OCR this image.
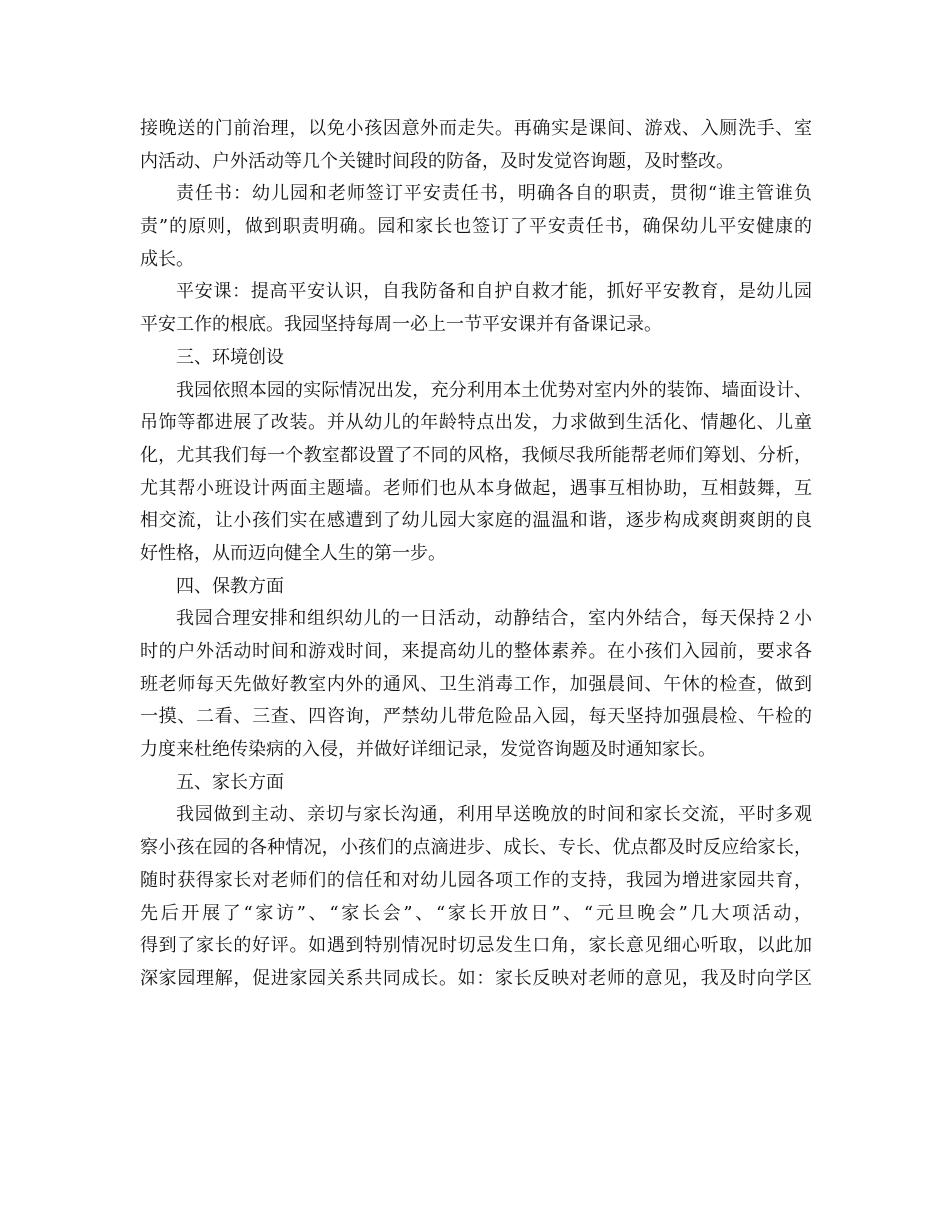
接晚送的门前治理，以免小孩因意外而走失。再确实是课间、游戏、入厕洗手、室
内活动、户外活动等几个关键时间段的防备，及时发觉咨询题，及时整改。
责任书：幼儿园和老师签订平安责任书，明确各自的职责，贯彻“谁主管谁负
责”的原则，做到职责明确。园和家长也签订了平安责任书，确保幼儿平安健康的
成长。
平安课：提高平安认识，自我防备和自护自救才能，抓好平安教育，是幼儿园
平安工作的根底。我园坚持每周一必上一节平安课并有备课记录。
三、环境创设
我园依照本园的实际情况出发，充分利用本土优势对室内外的装饰、墙面设计、
吊饰等都进展了改装。并从幼儿的年龄特点出发，力求做到生活化、情趣化、儿童
化，尤其我们每一个教室都设置了不同的风格，我倾尽我所能帮老师们筹划、分析，
尤其帮小班设计两面主题墙。老师们也从本身做起，遇事互相协助，互相鼓舞，互
相交流，让小孩们实在感遭到了幼儿园大家庭的温温和谐，逐步构成爽朗爽朗的良
好性格，从而迈向健全人生的第一步。
四、保教方面
我园合理安排和组织幼儿的一日活动，动静结合，室内外结合，每天保持２小
时的户外活动时间和游戏时间，来提高幼儿的整体素养。在小孩们入园前，要求各
班老师每天先做好教室内外的通风、卫生消毒工作，加强晨间、午休的检查，做到
一摸、二看、三查、四咨询，严禁幼儿带危险品入园，每天坚持加强晨检、午检的
力度来杜绝传染病的入侵，并做好详细记录，发觉咨询题及时通知家长。
五、家长方面
我园做到主动、亲切与家长沟通，利用早送晚放的时间和家长交流，平时多观
察小孩在园的各种情况，小孩们的点滴进步、成长、专长、优点都及时反应给家长，
随时获得家长对老师们的信任和对幼儿园各项工作的支持，我园为增进家园共育，
先后开展了“家访”、“家长会”、“家长开放日”、“元旦晚会”几大项活动，
得到了家长的好评。如遇到特别情况时切忌发生口角，家长意见细心听取，以此加
深家园理解，促进家园关系共同成长。如：家长反映对老师的意见，我及时向学区
